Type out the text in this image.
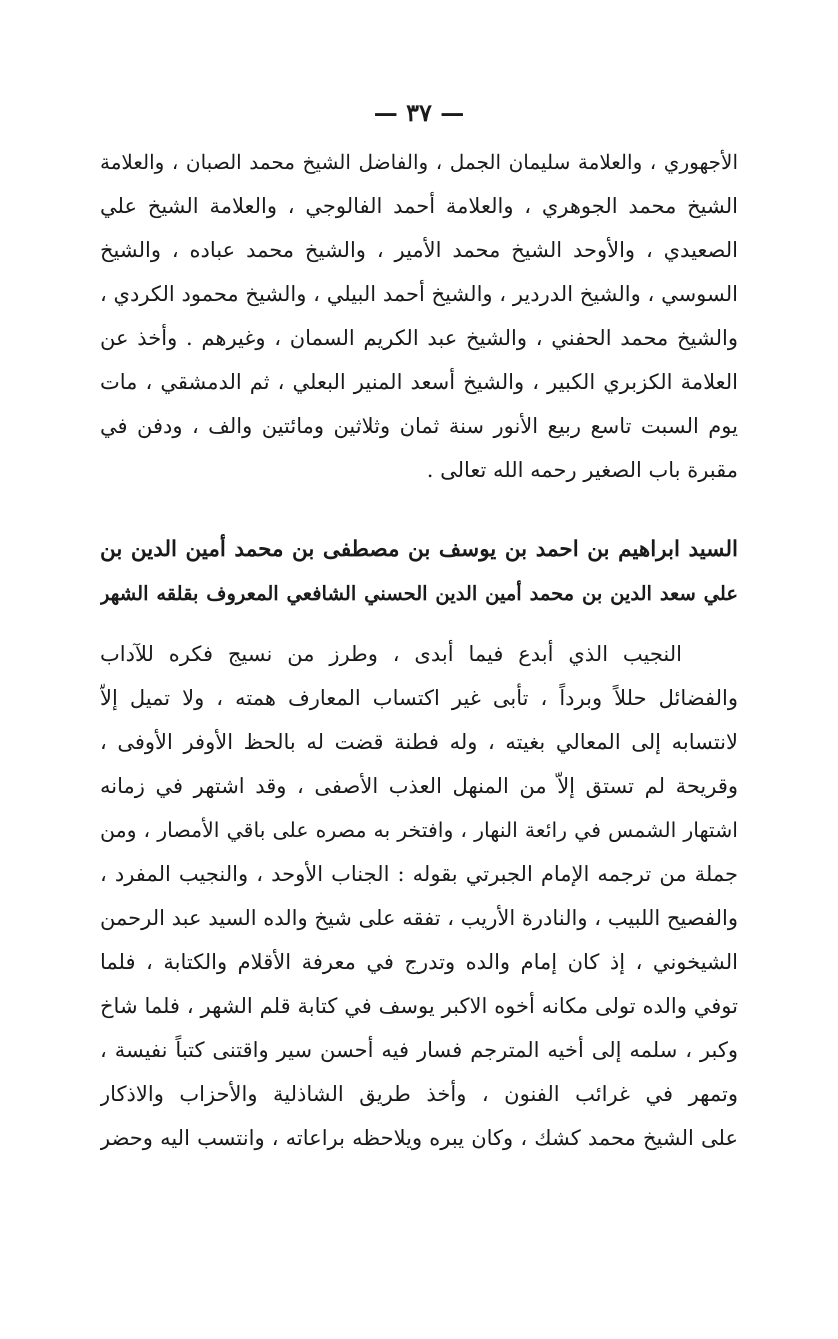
— ٣٧ —
الأجهوري ، والعلامة سليمان الجمل ، والفاضل الشيخ محمد الصبان ، والعلامة
الشيخ محمد الجوهري ، والعلامة أحمد الفالوجي ، والعلامة الشيخ علي
الصعيدي ، والأوحد الشيخ محمد الأمير ، والشيخ محمد عباده ، والشيخ
السوسي ، والشيخ الدردير ، والشيخ أحمد البيلي ، والشيخ محمود الكردي ،
والشيخ محمد الحفني ، والشيخ عبد الكريم السمان ، وغيرهم . وأخذ عن
العلامة الكزبري الكبير ، والشيخ أسعد المنير البعلي ، ثم الدمشقي ، مات
يوم السبت تاسع ربيع الأنور سنة ثمان وثلاثين ومائتين والف ، ودفن في
مقبرة باب الصغير رحمه الله تعالى .
السيد ابراهيم بن احمد بن يوسف بن مصطفى بن محمد أمين الدين بن
علي سعد الدين بن محمد أمين الدين الحسني الشافعي المعروف بقلقه الشهر
النجيب الذي أبدع فيما أبدى ، وطرز من نسيج فكره للآداب
والفضائل حللاً وبرداً ، تأبى غير اكتساب المعارف همته ، ولا تميل إلاّ
لانتسابه إلى المعالي بغيته ، وله فطنة قضت له بالحظ الأوفر الأوفى ،
وقريحة لم تستق إلاّ من المنهل العذب الأصفى ، وقد اشتهر في زمانه
اشتهار الشمس في رائعة النهار ، وافتخر به مصره على باقي الأمصار ، ومن
جملة من ترجمه الإمام الجبرتي بقوله : الجناب الأوحد ، والنجيب المفرد ،
والفصيح اللبيب ، والنادرة الأريب ، تفقه على شيخ والده السيد عبد الرحمن
الشيخوني ، إذ كان إمام والده وتدرج في معرفة الأقلام والكتابة ، فلما
توفي والده تولى مكانه أخوه الاكبر يوسف في كتابة قلم الشهر ، فلما شاخ
وكبر ، سلمه إلى أخيه المترجم فسار فيه أحسن سير واقتنى كتباً نفيسة ،
وتمهر في غرائب الفنون ، وأخذ طريق الشاذلية والأحزاب والاذكار
على الشيخ محمد كشك ، وكان يبره ويلاحظه براعاته ، وانتسب اليه وحضر
